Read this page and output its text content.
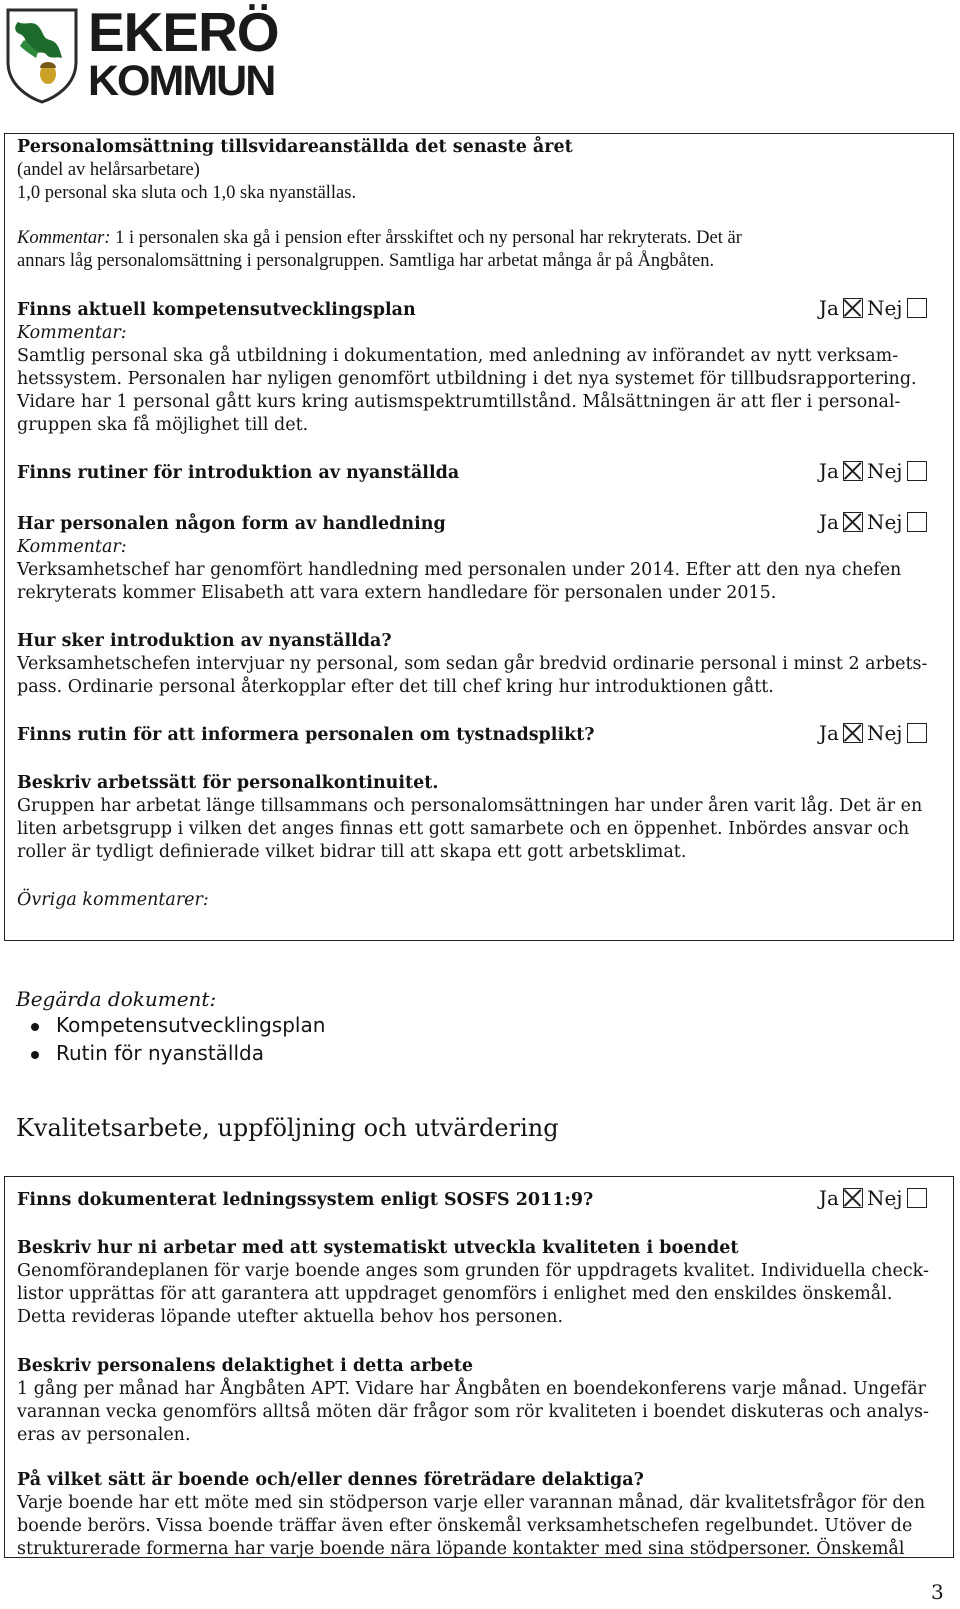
EKERÖ
KOMMUN
Personalomsättning tillsvidareanställda det senaste året
(andel av helårsarbetare)
1,0 personal ska sluta och 1,0 ska nyanställas.
Kommentar: 1 i personalen ska gå i pension efter årsskiftet och ny personal har rekryterats. Det är
annars låg personalomsättning i personalgruppen. Samtliga har arbetat många år på Ångbåten.
Finns aktuell kompetensutvecklingsplan	Ja Nej
Kommentar:
Samtlig personal ska gå utbildning i dokumentation, med anledning av införandet av nytt verksam-
hetssystem. Personalen har nyligen genomfört utbildning i det nya systemet för tillbudsrapportering.
Vidare har 1 personal gått kurs kring autismspektrumtillstånd. Målsättningen är att fler i personal-
gruppen ska få möjlighet till det.
Finns rutiner för introduktion av nyanställda	Ja Nej
Har personalen någon form av handledning	Ja Nej
Kommentar:
Verksamhetschef har genomfört handledning med personalen under 2014. Efter att den nya chefen
rekryterats kommer Elisabeth att vara extern handledare för personalen under 2015.
Hur sker introduktion av nyanställda?
Verksamhetschefen intervjuar ny personal, som sedan går bredvid ordinarie personal i minst 2 arbets-
pass. Ordinarie personal återkopplar efter det till chef kring hur introduktionen gått.
Finns rutin för att informera personalen om tystnadsplikt?	Ja Nej
Beskriv arbetssätt för personalkontinuitet.
Gruppen har arbetat länge tillsammans och personalomsättningen har under åren varit låg. Det är en
liten arbetsgrupp i vilken det anges finnas ett gott samarbete och en öppenhet. Inbördes ansvar och
roller är tydligt definierade vilket bidrar till att skapa ett gott arbetsklimat.
Övriga kommentarer:
Begärda dokument:
Kompetensutvecklingsplan
Rutin för nyanställda
Kvalitetsarbete, uppföljning och utvärdering
Finns dokumenterat ledningssystem enligt SOSFS 2011:9?	Ja Nej
Beskriv hur ni arbetar med att systematiskt utveckla kvaliteten i boendet
Genomförandeplanen för varje boende anges som grunden för uppdragets kvalitet. Individuella check-
listor upprättas för att garantera att uppdraget genomförs i enlighet med den enskildes önskemål.
Detta revideras löpande utefter aktuella behov hos personen.
Beskriv personalens delaktighet i detta arbete
1 gång per månad har Ångbåten APT. Vidare har Ångbåten en boendekonferens varje månad. Ungefär
varannan vecka genomförs alltså möten där frågor som rör kvaliteten i boendet diskuteras och analys-
eras av personalen.
På vilket sätt är boende och/eller dennes företrädare delaktiga?
Varje boende har ett möte med sin stödperson varje eller varannan månad, där kvalitetsfrågor för den
boende berörs. Vissa boende träffar även efter önskemål verksamhetschefen regelbundet. Utöver de
strukturerade formerna har varje boende nära löpande kontakter med sina stödpersoner. Önskemål
3
